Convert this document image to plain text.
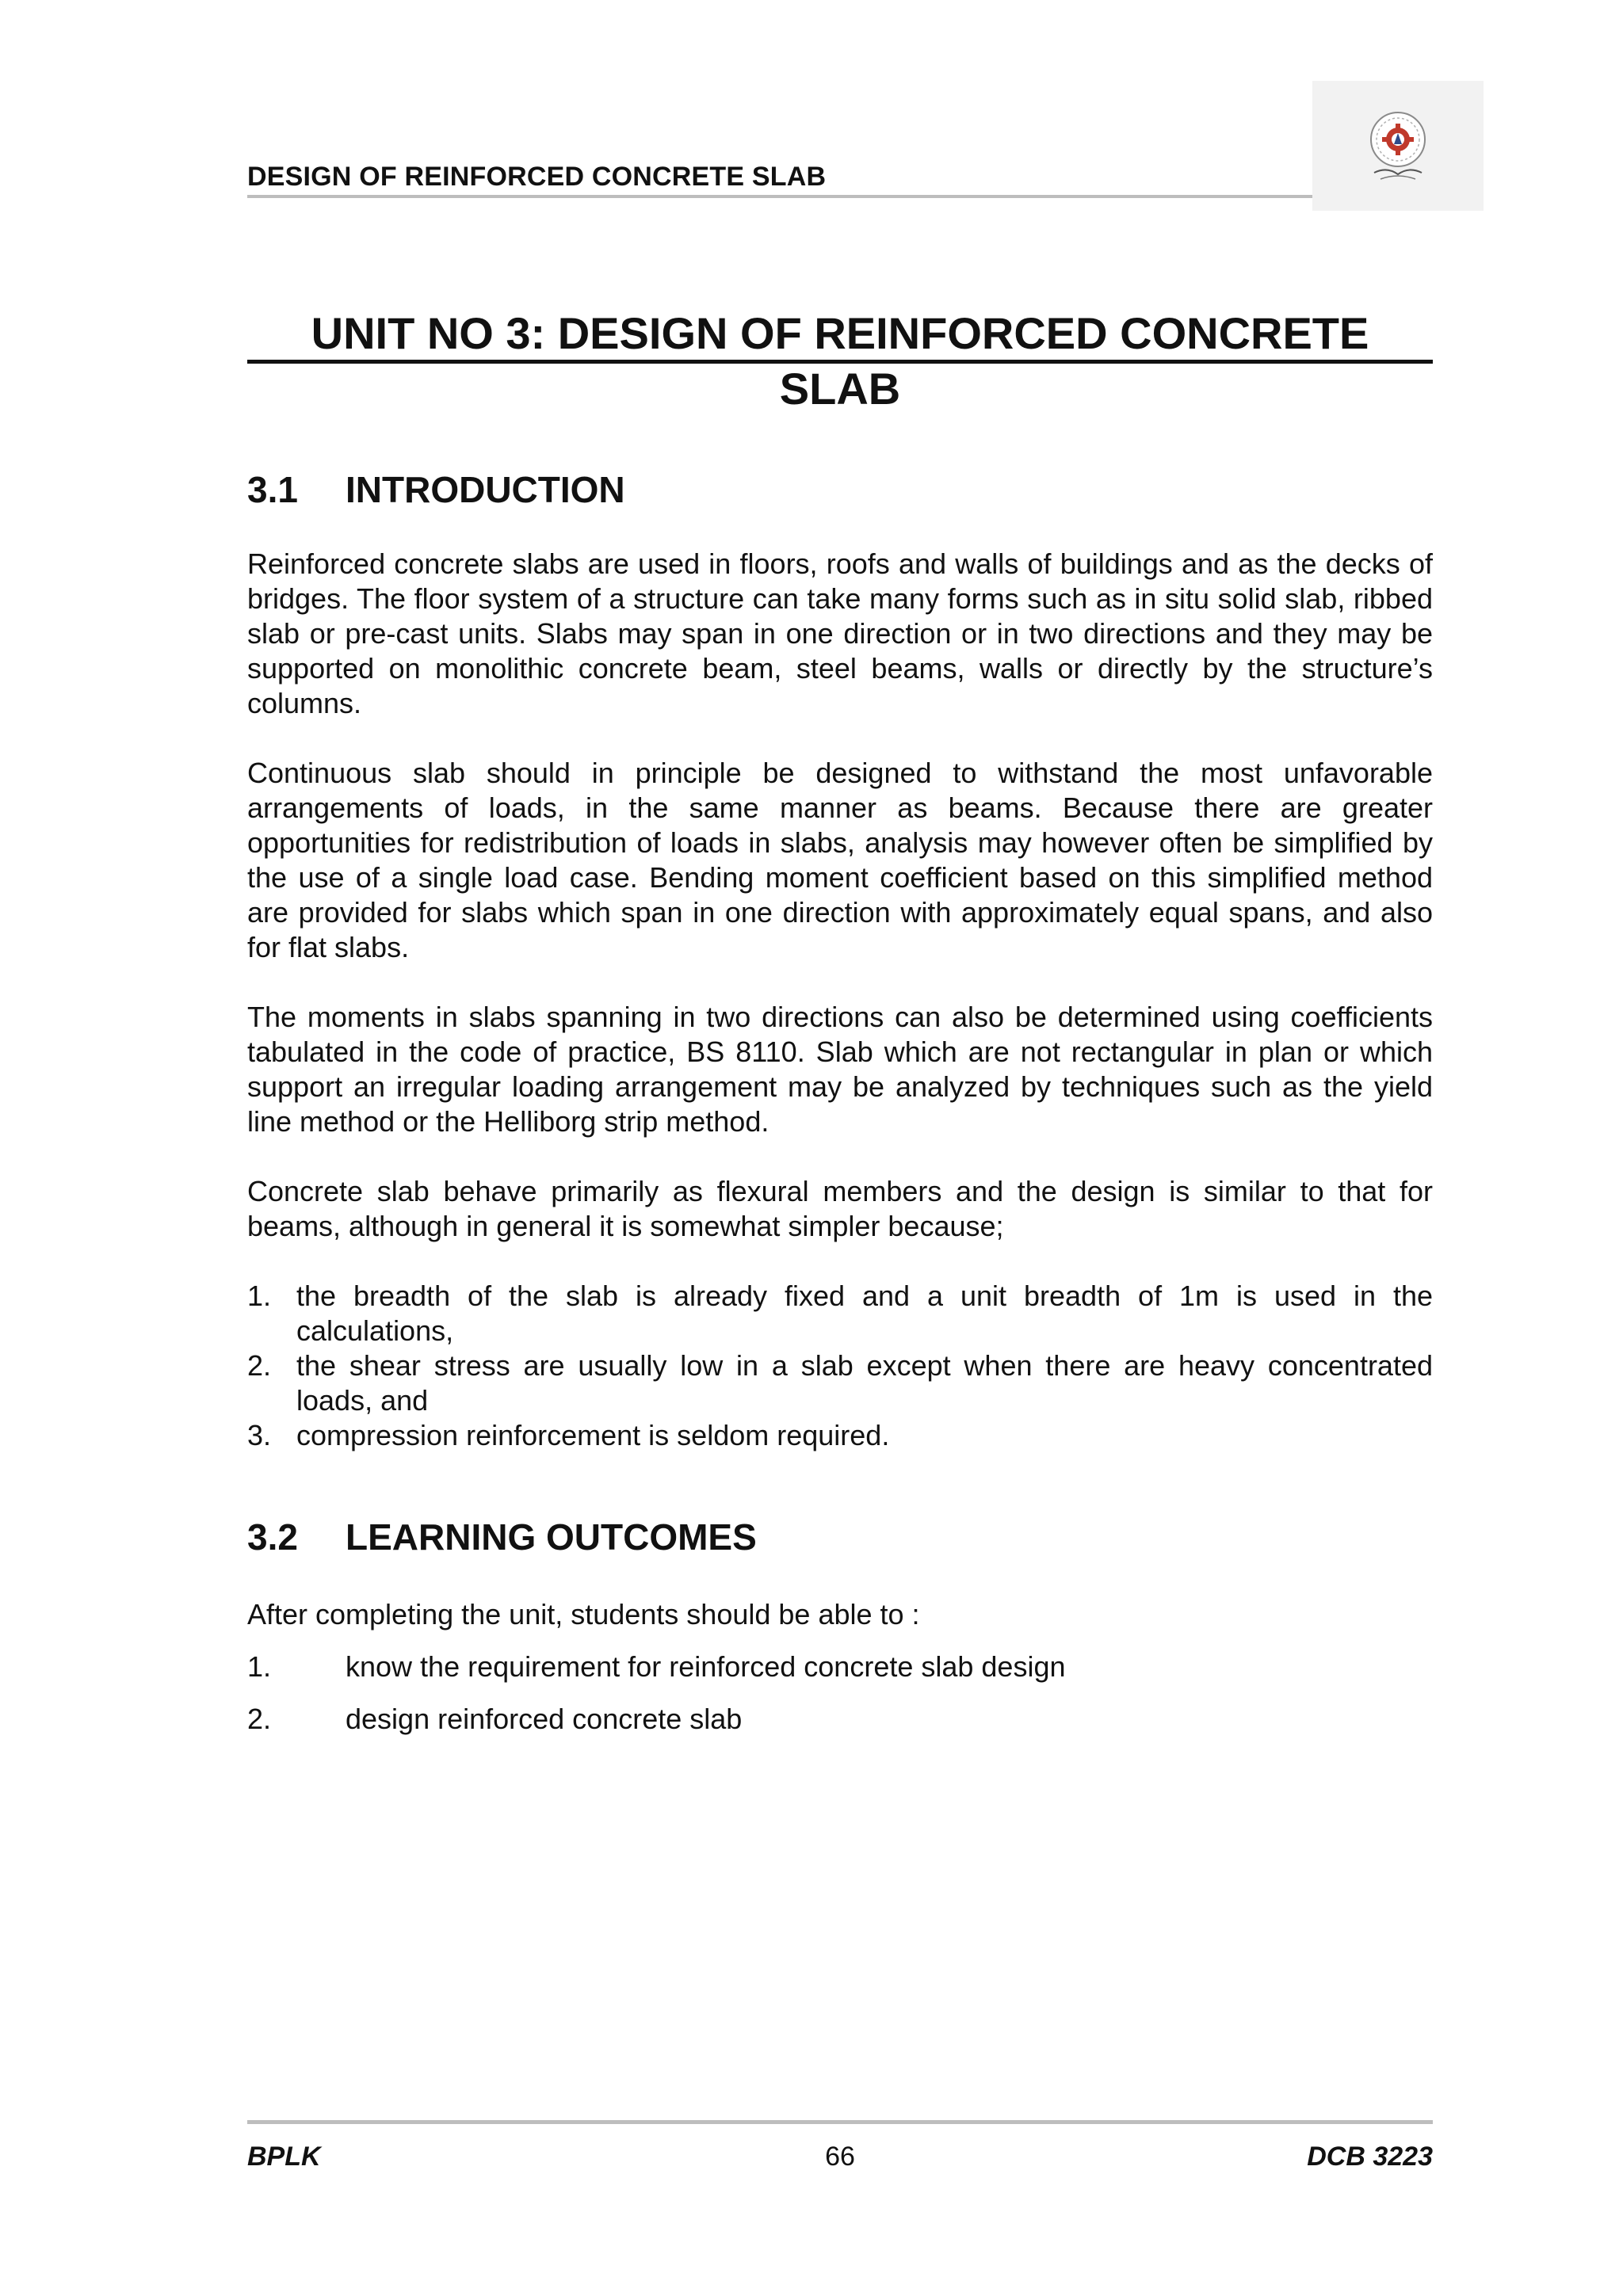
DESIGN OF REINFORCED CONCRETE SLAB
UNIT NO 3: DESIGN OF REINFORCED CONCRETE SLAB
3.1 INTRODUCTION

Reinforced concrete slabs are used in floors, roofs and walls of buildings and as the decks of bridges. The floor system of a structure can take many forms such as in situ solid slab, ribbed slab or pre-cast units. Slabs may span in one direction or in two directions and they may be supported on monolithic concrete beam, steel beams, walls or directly by the structure’s columns.

Continuous slab should in principle be designed to withstand the most unfavorable arrangements of loads, in the same manner as beams. Because there are greater opportunities for redistribution of loads in slabs, analysis may however often be simplified by the use of a single load case. Bending moment coefficient based on this simplified method are provided for slabs which span in one direction with approximately equal spans, and also for flat slabs.

The moments in slabs spanning in two directions can also be determined using coefficients tabulated in the code of practice, BS 8110. Slab which are not rectangular in plan or which support an irregular loading arrangement may be analyzed by techniques such as the yield line method or the Helliborg strip method.

Concrete slab behave primarily as flexural members and the design is similar to that for beams, although in general it is somewhat simpler because;

1. the breadth of the slab is already fixed and a unit breadth of 1m is used in the calculations,
2. the shear stress are usually low in a slab except when there are heavy concentrated loads, and
3. compression reinforcement is seldom required.
3.2 LEARNING OUTCOMES

After completing the unit, students should be able to :

1.	know the requirement for reinforced concrete slab design
2.	design reinforced concrete slab
BPLK	66	DCB 3223
